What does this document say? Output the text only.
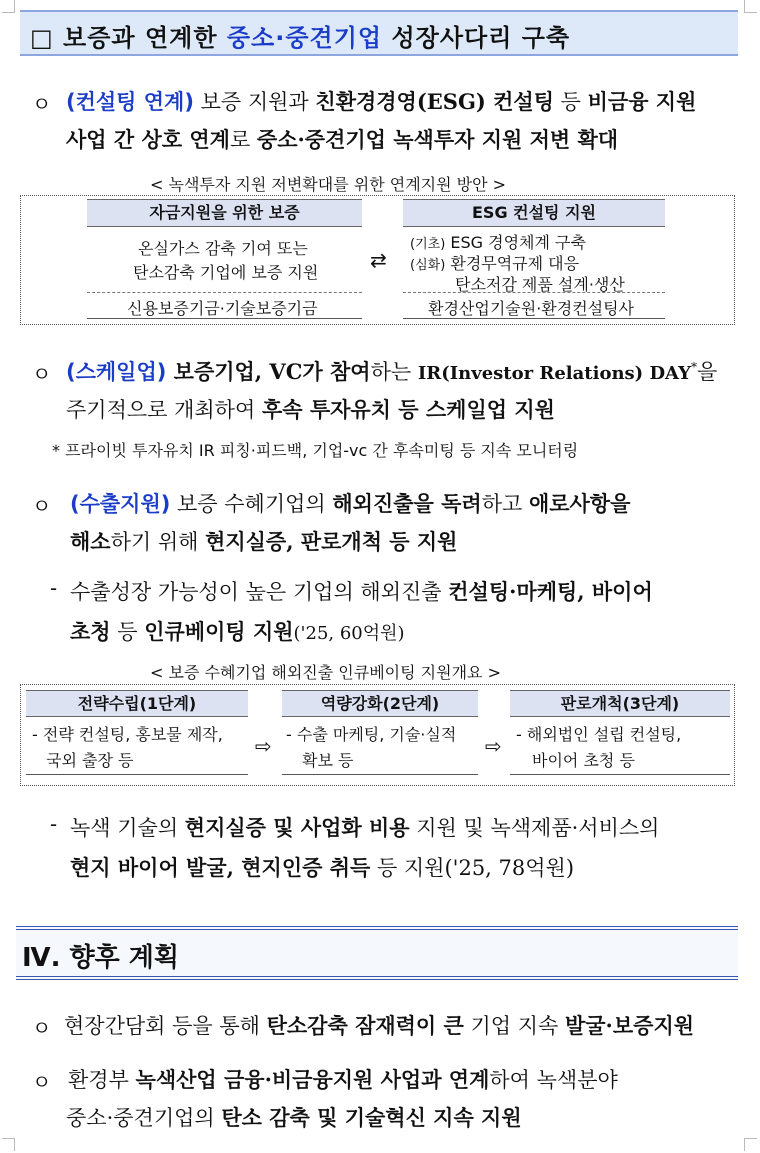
□ 보증과 연계한 중소·중견기업 성장사다리 구축
ㅇ (컨설팅 연계) 보증 지원과 친환경경영(ESG) 컨설팅 등 비금융 지원
사업 간 상호 연계로 중소·중견기업 녹색투자 지원 저변 확대
< 녹색투자 지원 저변확대를 위한 연계지원 방안 >
자금지원을 위한 보증
온실가스 감축 기여 또는
탄소감축 기업에 보증 지원
신용보증기금·기술보증기금
⇄
ESG 컨설팅 지원
(기초) ESG 경영체계 구축
(심화) 환경무역규제 대응
탄소저감 제품 설계·생산
환경산업기술원·환경컨설팅사
ㅇ (스케일업) 보증기업, VC가 참여하는 IR(Investor Relations) DAY*을
주기적으로 개최하여 후속 투자유치 등 스케일업 지원
* 프라이빗 투자유치 IR 피칭·피드백, 기업-vc 간 후속미팅 등 지속 모니터링
ㅇ (수출지원) 보증 수혜기업의 해외진출을 독려하고 애로사항을
해소하기 위해 현지실증, 판로개척 등 지원
- 수출성장 가능성이 높은 기업의 해외진출 컨설팅·마케팅, 바이어
초청 등 인큐베이팅 지원('25, 60억원)
< 보증 수혜기업 해외진출 인큐베이팅 지원개요 >
전략수립(1단계)
- 전략 컨설팅, 홍보물 제작,
국외 출장 등
⇨
역량강화(2단계)
- 수출 마케팅, 기술·실적
확보 등
⇨
판로개척(3단계)
- 해외법인 설립 컨설팅,
바이어 초청 등
- 녹색 기술의 현지실증 및 사업화 비용 지원 및 녹색제품·서비스의
현지 바이어 발굴, 현지인증 취득 등 지원('25, 78억원)
Ⅳ. 향후 계획
ㅇ 현장간담회 등을 통해 탄소감축 잠재력이 큰 기업 지속 발굴·보증지원
ㅇ 환경부 녹색산업 금융·비금융지원 사업과 연계하여 녹색분야
중소·중견기업의 탄소 감축 및 기술혁신 지속 지원
